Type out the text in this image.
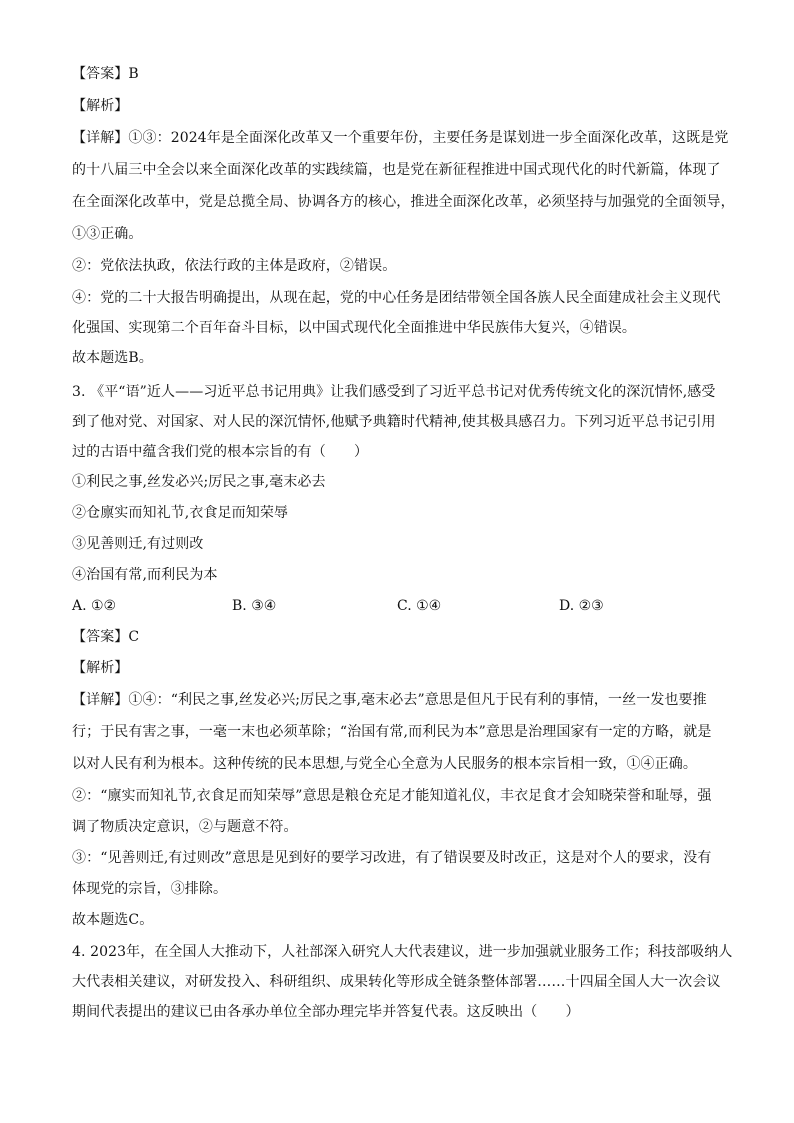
【答案】B
【解析】
【详解】①③：2024年是全面深化改革又一个重要年份，主要任务是谋划进一步全面深化改革，这既是党
的十八届三中全会以来全面深化改革的实践续篇，也是党在新征程推进中国式现代化的时代新篇，体现了
在全面深化改革中，党是总揽全局、协调各方的核心，推进全面深化改革，必须坚持与加强党的全面领导，
①③正确。
②：党依法执政，依法行政的主体是政府，②错误。
④：党的二十大报告明确提出，从现在起，党的中心任务是团结带领全国各族人民全面建成社会主义现代
化强国、实现第二个百年奋斗目标，以中国式现代化全面推进中华民族伟大复兴，④错误。
故本题选B。
3. 《平“语”近人——习近平总书记用典》让我们感受到了习近平总书记对优秀传统文化的深沉情怀,感受
到了他对党、对国家、对人民的深沉情怀,他赋予典籍时代精神,使其极具感召力。下列习近平总书记引用
过的古语中蕴含我们党的根本宗旨的有（　　）
①利民之事,丝发必兴;厉民之事,毫末必去
②仓廪实而知礼节,衣食足而知荣辱
③见善则迁,有过则改
④治国有常,而利民为本
A. ①②	B. ③④	C. ①④	D. ②③
【答案】C
【解析】
【详解】①④：“利民之事,丝发必兴;厉民之事,毫末必去”意思是但凡于民有利的事情，一丝一发也要推
行；于民有害之事，一毫一末也必须革除；“治国有常,而利民为本”意思是治理国家有一定的方略，就是
以对人民有利为根本。这种传统的民本思想,与党全心全意为人民服务的根本宗旨相一致，①④正确。
②：“廪实而知礼节,衣食足而知荣辱”意思是粮仓充足才能知道礼仪，丰衣足食才会知晓荣誉和耻辱，强
调了物质决定意识，②与题意不符。
③：“见善则迁,有过则改”意思是见到好的要学习改进，有了错误要及时改正，这是对个人的要求，没有
体现党的宗旨，③排除。
故本题选C。
4. 2023年，在全国人大推动下，人社部深入研究人大代表建议，进一步加强就业服务工作；科技部吸纳人
大代表相关建议，对研发投入、科研组织、成果转化等形成全链条整体部署……十四届全国人大一次会议
期间代表提出的建议已由各承办单位全部办理完毕并答复代表。这反映出（　　）
